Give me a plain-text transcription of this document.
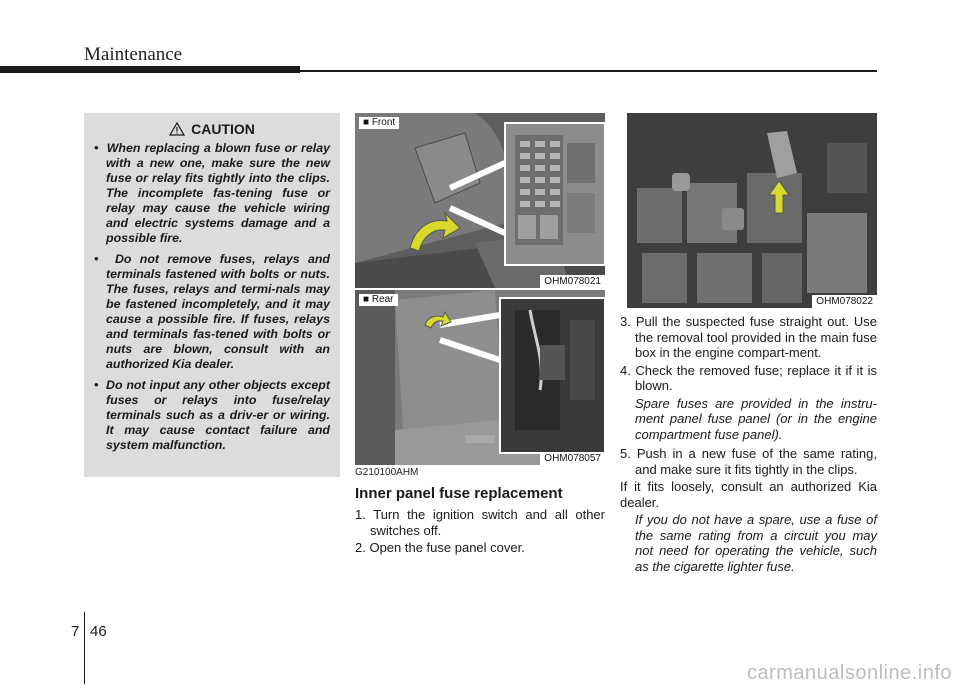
Maintenance
CAUTION
•  When replacing a blown fuse or relay with a new one, make sure the new fuse or relay fits tightly into the clips. The incomplete fas-tening fuse or relay may cause the vehicle wiring and electric systems damage and a possible fire.
•  Do not remove fuses, relays and terminals fastened with bolts or nuts. The fuses, relays and termi-nals may be fastened incompletely, and it may cause a possible fire. If fuses, relays and terminals fas-tened with bolts or nuts are blown, consult with an authorized Kia dealer.
•  Do not input any other objects except fuses or relays into fuse/relay terminals such as a driv-er or wiring. It may cause contact failure and system malfunction.
■ Front
OHM078021
■ Rear
OHM078057
OHM078022
G210100AHM
Inner panel fuse replacement

1. Turn the ignition switch and all other switches off.

2. Open the fuse panel cover.

3. Pull the suspected fuse straight out. Use the removal tool provided in the main fuse box in the engine compart-ment.

4. Check the removed fuse; replace it if it is blown.

Spare fuses are provided in the instru-ment panel fuse panel (or in the engine compartment fuse panel).

5. Push in a new fuse of the same rating, and make sure it fits tightly in the clips.

If it fits loosely, consult an authorized Kia dealer.

If you do not have a spare, use a fuse of the same rating from a circuit you may not need for operating the vehicle, such as the cigarette lighter fuse.

7 46
carmanualsonline.info
